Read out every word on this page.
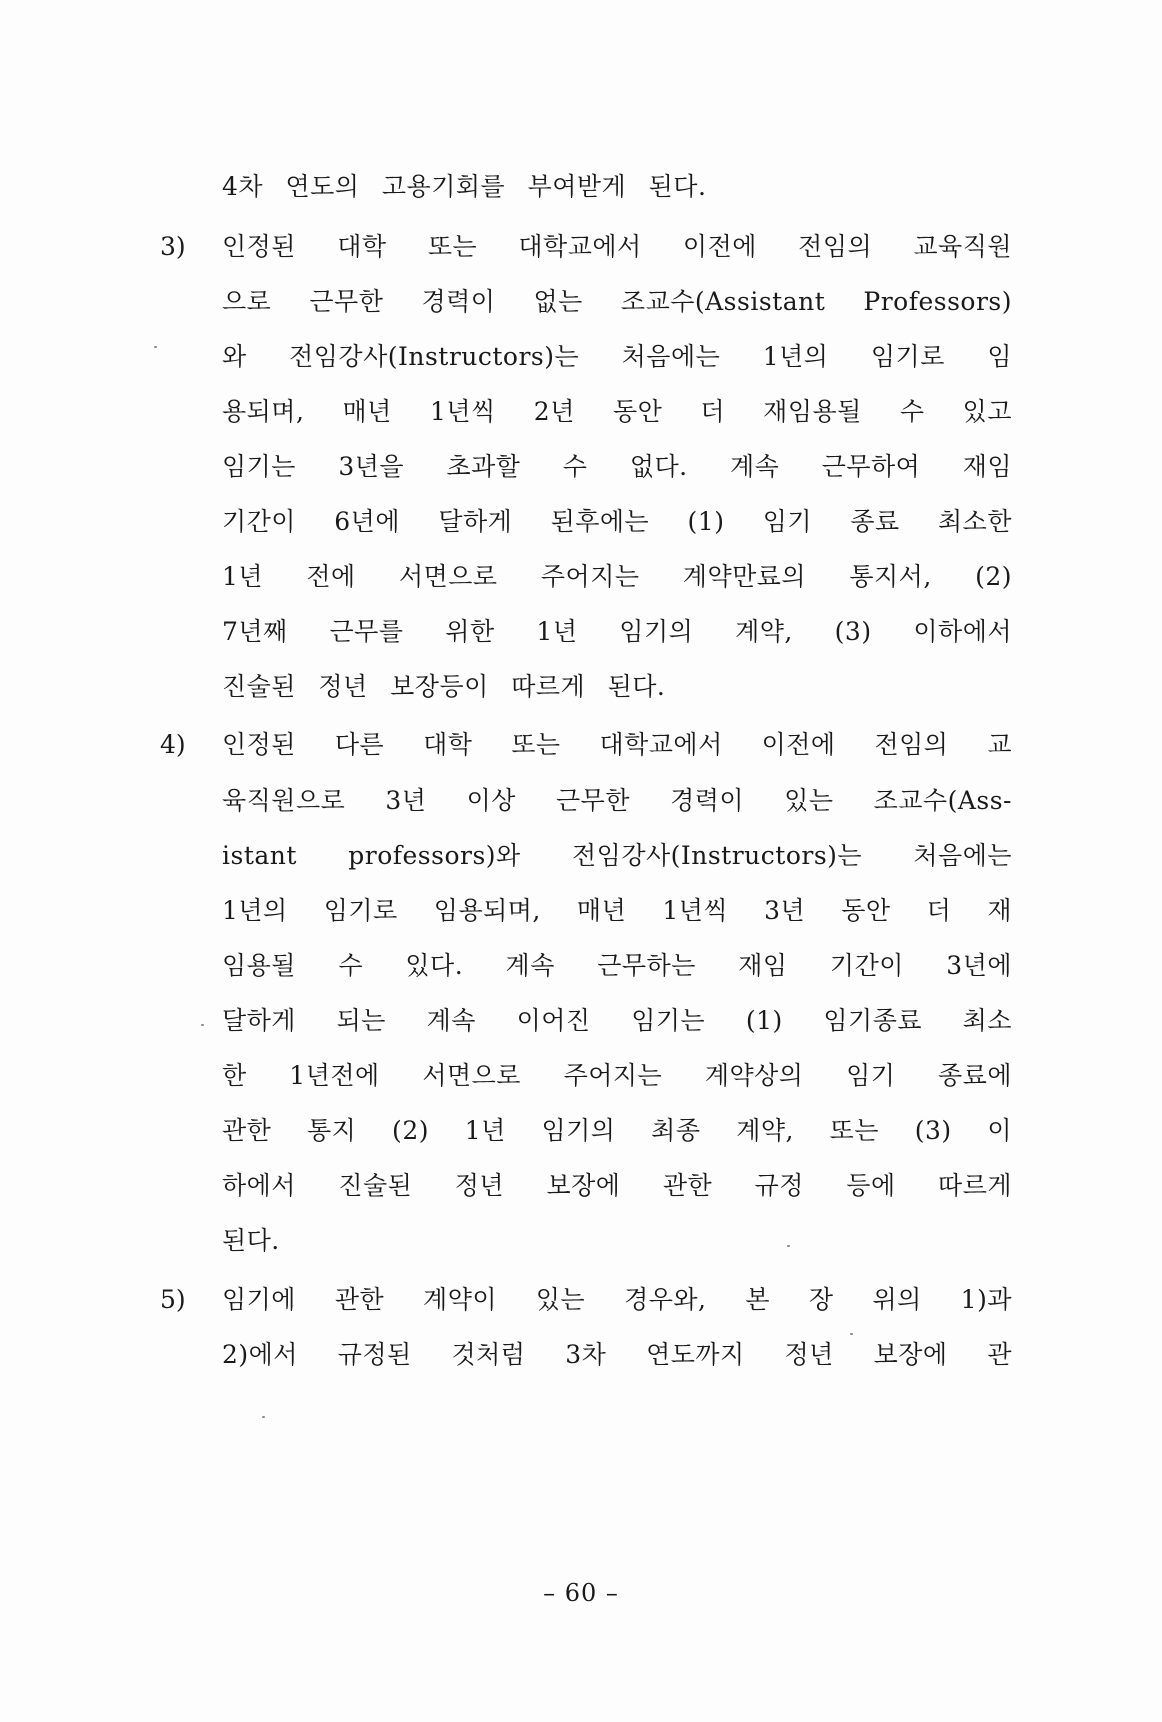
4차 연도의 고용기회를 부여받게 된다.
3) 인정된 대학 또는 대학교에서 이전에 전임의 교육직원
으로 근무한 경력이 없는 조교수(Assistant Professors)
와 전임강사(Instructors)는 처음에는 1년의 임기로 임
용되며, 매년 1년씩 2년 동안 더 재임용될 수 있고
임기는 3년을 초과할 수 없다. 계속 근무하여 재임
기간이 6년에 달하게 된후에는 (1) 임기 종료 최소한
1년 전에 서면으로 주어지는 계약만료의 통지서, (2)
7년째 근무를 위한 1년 임기의 계약, (3) 이하에서
진술된 정년 보장등이 따르게 된다.
4) 인정된 다른 대학 또는 대학교에서 이전에 전임의 교
육직원으로 3년 이상 근무한 경력이 있는 조교수(Ass-
istant professors)와 전임강사(Instructors)는 처음에는
1년의 임기로 임용되며, 매년 1년씩 3년 동안 더 재
임용될 수 있다. 계속 근무하는 재임 기간이 3년에
달하게 되는 계속 이어진 임기는 (1) 임기종료 최소
한 1년전에 서면으로 주어지는 계약상의 임기 종료에
관한 통지 (2) 1년 임기의 최종 계약, 또는 (3) 이
하에서 진술된 정년 보장에 관한 규정 등에 따르게
된다.
5) 임기에 관한 계약이 있는 경우와, 본 장 위의 1)과
2)에서 규정된 것처럼 3차 연도까지 정년 보장에 관
– 60 –
